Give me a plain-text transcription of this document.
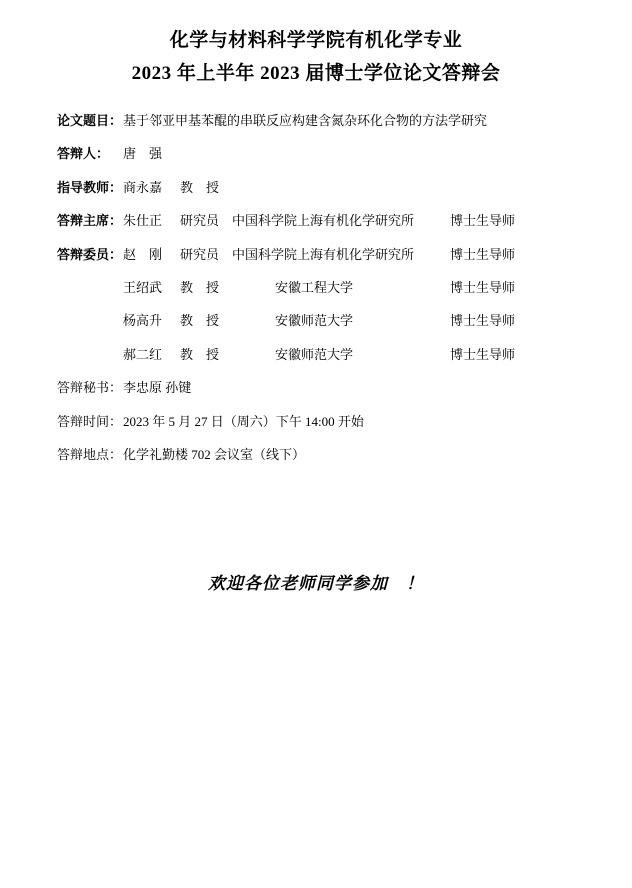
化学与材料科学学院有机化学专业
2023 年上半年 2023 届博士学位论文答辩会
论文题目： 基于邻亚甲基苯醌的串联反应构建含氮杂环化合物的方法学研究
答辩人：	唐　强
指导教师： 商永嘉	教　授
答辩主席： 朱仕正	研究员 中国科学院上海有机化学研究所	博士生导师
答辩委员： 赵　刚	研究员 中国科学院上海有机化学研究所	博士生导师
王绍武	教　授	安徽工程大学	博士生导师
杨高升	教　授	安徽师范大学	博士生导师
郝二红	教　授	安徽师范大学	博士生导师
答辩秘书： 李忠原 孙键
答辩时间： 2023 年 5 月 27 日（周六）下午 14:00 开始
答辩地点： 化学礼勤楼 702 会议室（线下）
欢迎各位老师同学参加　！
